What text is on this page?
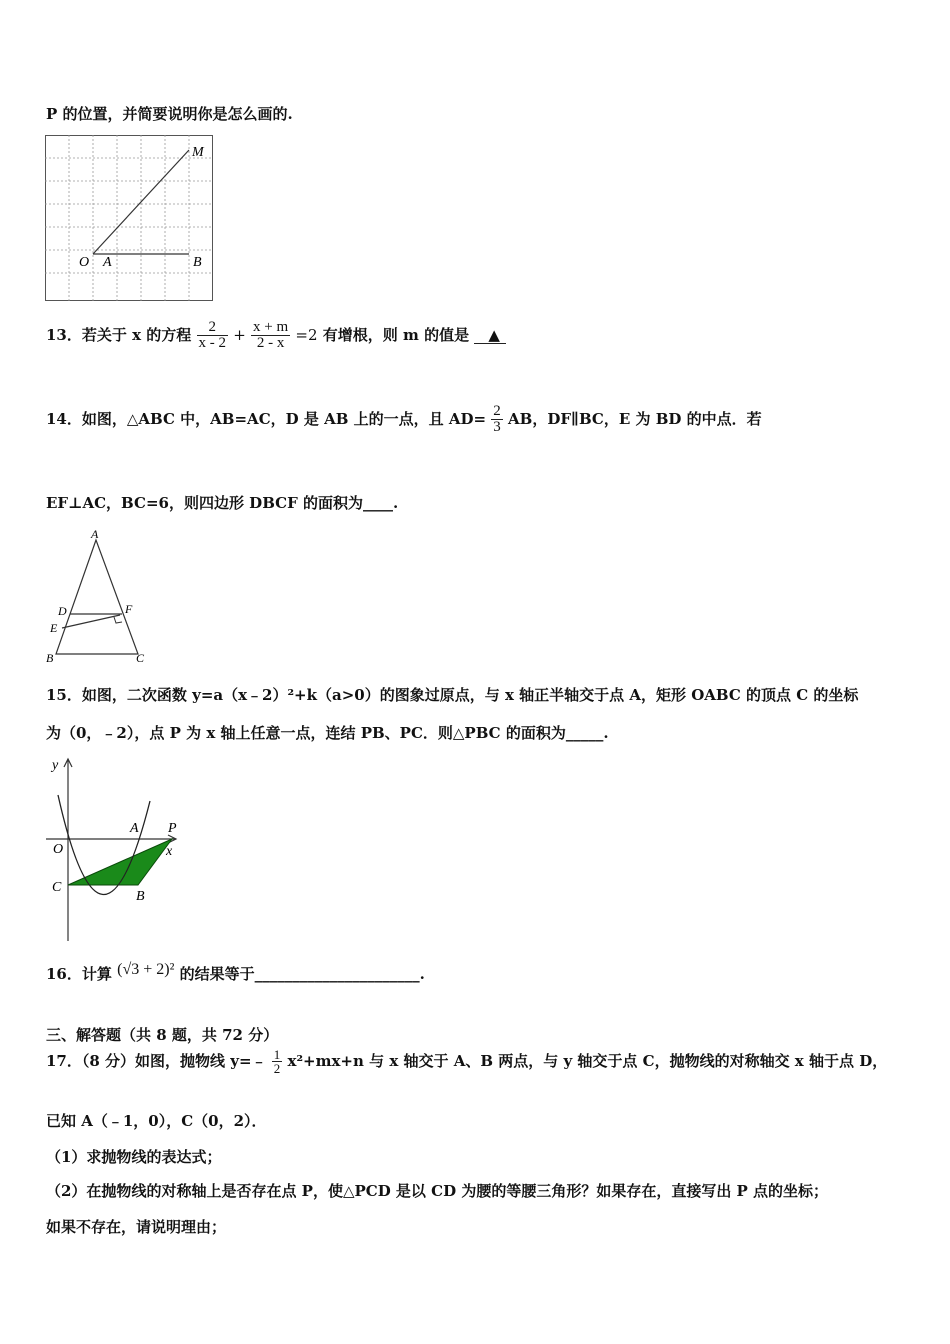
P 的位置，并简要说明你是怎么画的.
M
O A	B
13．若关于 x 的方程 $\frac{2}{x - 2} + \frac{x + m}{2 - x} =2$ 有增根，则 m 的值是 ▲
14．如图，△ABC 中，AB=AC，D 是 AB 上的一点，且 $AD= \frac{2}{3}$ AB，DF∥BC，E 为 BD 的中点．若
EF⊥AC，BC=6，则四边形 DBCF 的面积为____.
A
D	F
E
B	C
15．如图，二次函数 y=a（x﹣2）²+k（a>0）的图象过原点，与 x 轴正半轴交于点 A，矩形 OABC 的顶点 C 的坐标
为（0，﹣2），点 P 为 x 轴上任意一点，连结 PB、PC．则△PBC 的面积为_____.
y
O
A P
x
C
B
16．计算 (√3 + 2)² 的结果等于______________________.
三、解答题（共 8 题，共 72 分）
17．（8 分）如图，抛物线 y=﹣ $\frac{1}{2} x^2+mx+n$ 与 x 轴交于 A、B 两点，与 y 轴交于点 C，抛物线的对称轴交 x 轴于点 D，
已知 A（﹣1，0），C（0，2）．
（1）求抛物线的表达式；
（2）在抛物线的对称轴上是否存在点 P，使△PCD 是以 CD 为腰的等腰三角形？如果存在，直接写出 P 点的坐标；
如果不存在，请说明理由；
